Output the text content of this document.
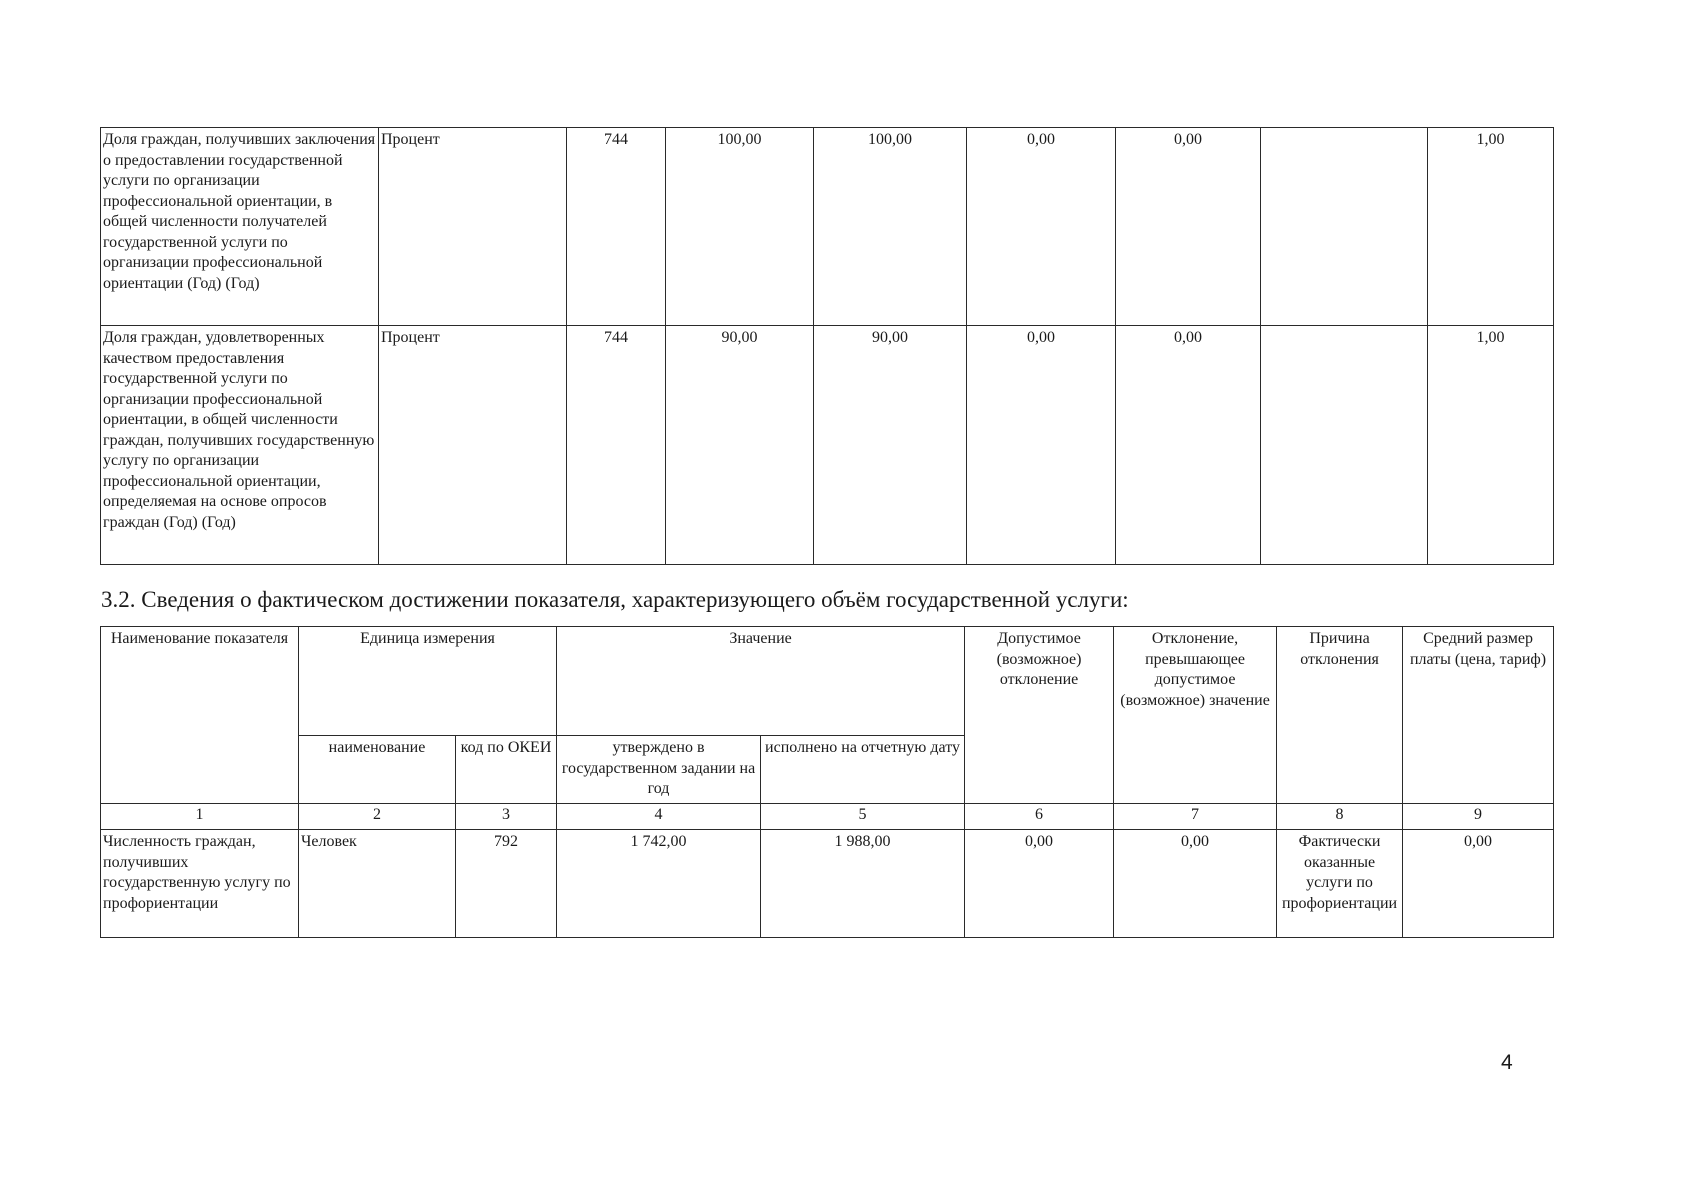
Доля граждан, получивших заключения о предоставлении государственной услуги по организации профессиональной ориентации, в общей численности получателей государственной услуги по организации профессиональной ориентации (Год) (Год)	Процент	744	100,00	100,00	0,00	0,00		1,00
Доля граждан, удовлетворенных качеством предоставления государственной услуги по организации профессиональной ориентации, в общей численности граждан, получивших государственную услугу по организации профессиональной ориентации, определяемая на основе опросов граждан (Год) (Год)	Процент	744	90,00	90,00	0,00	0,00		1,00
3.2. Сведения о фактическом достижении показателя, характеризующего объём государственной услуги:
Наименование показателя	Единица измерения		Значение		Допустимое (возможное) отклонение	Отклонение, превышающее допустимое (возможное) значение	Причина отклонения	Средний размер платы (цена, тариф)
	наименование	код по ОКЕИ	утверждено в государственном задании на год	исполнено на отчетную дату				
1	2	3	4	5	6	7	8	9
Численность граждан, получивших государственную услугу по профориентации	Человек	792	1 742,00	1 988,00	0,00	0,00	Фактически оказанные услуги по профориентации	0,00
4
